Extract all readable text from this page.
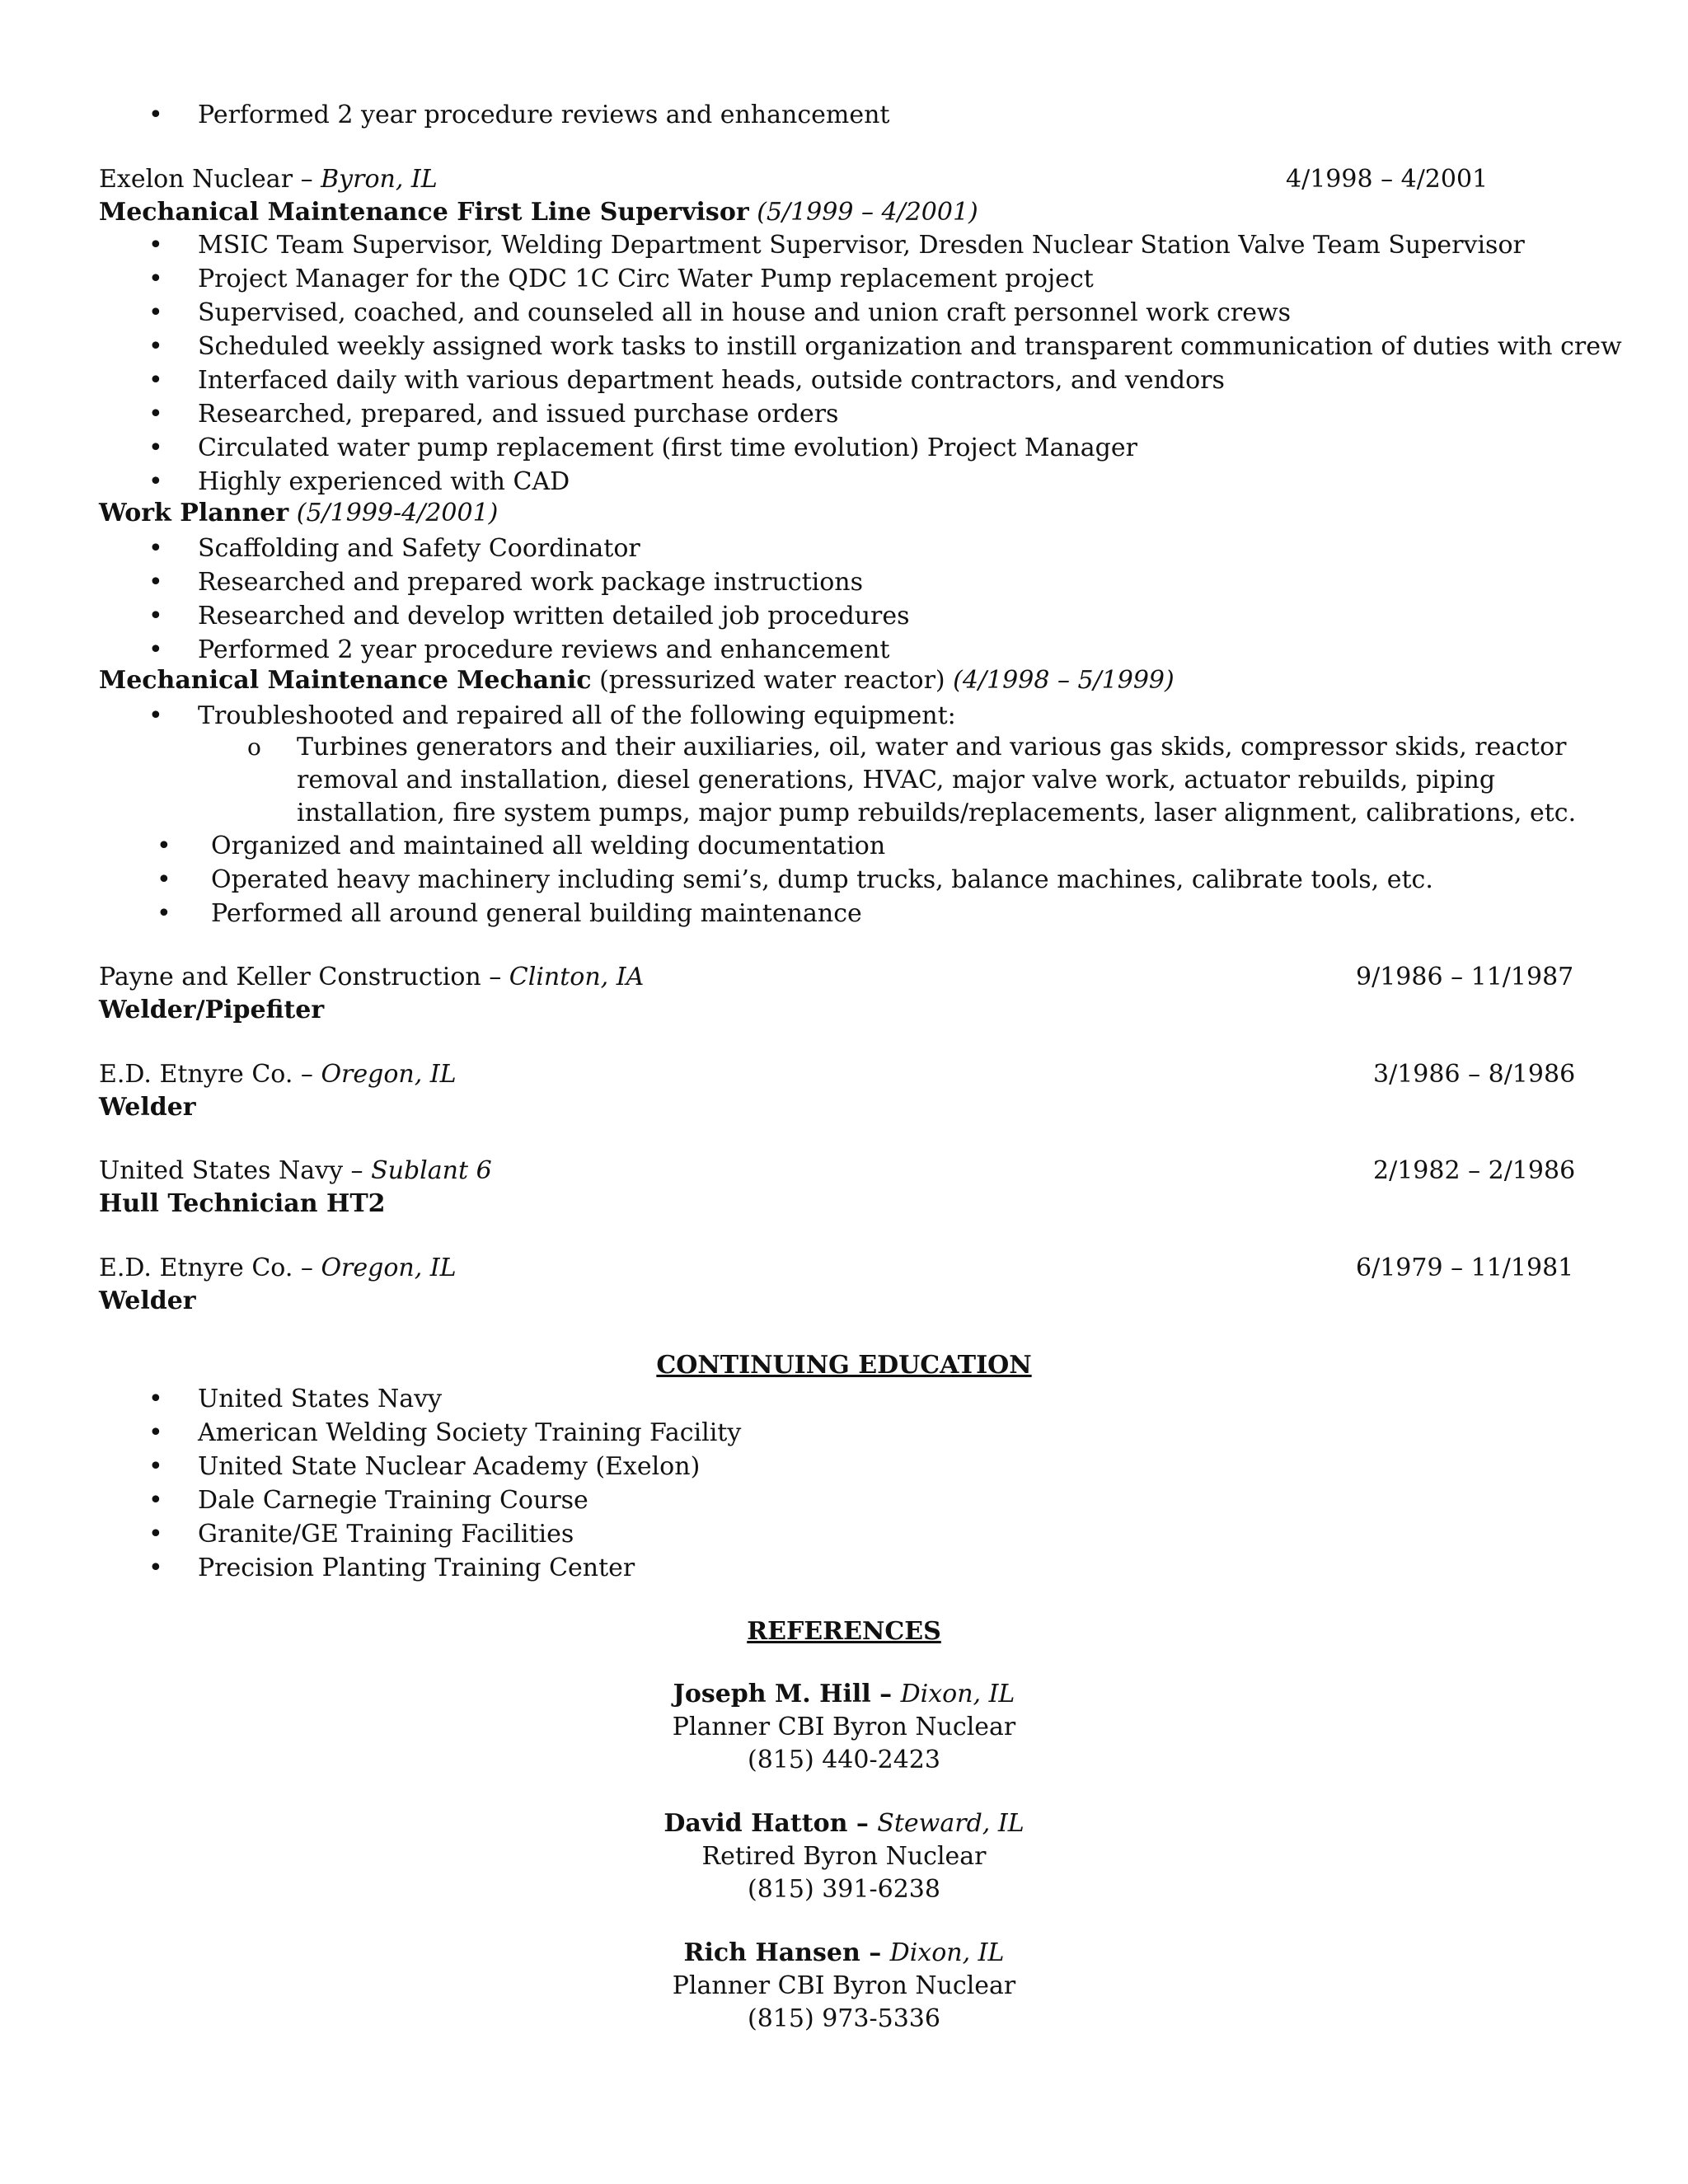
• Performed 2 year procedure reviews and enhancement
Exelon Nuclear – Byron, IL	4/1998 – 4/2001
Mechanical Maintenance First Line Supervisor (5/1999 – 4/2001)
• MSIC Team Supervisor, Welding Department Supervisor, Dresden Nuclear Station Valve Team Supervisor
• Project Manager for the QDC 1C Circ Water Pump replacement project
• Supervised, coached, and counseled all in house and union craft personnel work crews
• Scheduled weekly assigned work tasks to instill organization and transparent communication of duties with crew
• Interfaced daily with various department heads, outside contractors, and vendors
• Researched, prepared, and issued purchase orders
• Circulated water pump replacement (first time evolution) Project Manager
• Highly experienced with CAD
Work Planner (5/1999-4/2001)
• Scaffolding and Safety Coordinator
• Researched and prepared work package instructions
• Researched and develop written detailed job procedures
• Performed 2 year procedure reviews and enhancement
Mechanical Maintenance Mechanic (pressurized water reactor) (4/1998 – 5/1999)
• Troubleshooted and repaired all of the following equipment:
o Turbines generators and their auxiliaries, oil, water and various gas skids, compressor skids, reactor removal and installation, diesel generations, HVAC, major valve work, actuator rebuilds, piping installation, fire system pumps, major pump rebuilds/replacements, laser alignment, calibrations, etc.
• Organized and maintained all welding documentation
• Operated heavy machinery including semi’s, dump trucks, balance machines, calibrate tools, etc.
• Performed all around general building maintenance
Payne and Keller Construction – Clinton, IA	9/1986 – 11/1987
Welder/Pipefiter
E.D. Etnyre Co. – Oregon, IL	3/1986 – 8/1986
Welder
United States Navy – Sublant 6	2/1982 – 2/1986
Hull Technician HT2
E.D. Etnyre Co. – Oregon, IL	6/1979 – 11/1981
Welder
CONTINUING EDUCATION
• United States Navy
• American Welding Society Training Facility
• United State Nuclear Academy (Exelon)
• Dale Carnegie Training Course
• Granite/GE Training Facilities
• Precision Planting Training Center
REFERENCES
Joseph M. Hill – Dixon, IL
Planner CBI Byron Nuclear
(815) 440-2423
David Hatton – Steward, IL
Retired Byron Nuclear
(815) 391-6238
Rich Hansen – Dixon, IL
Planner CBI Byron Nuclear
(815) 973-5336
